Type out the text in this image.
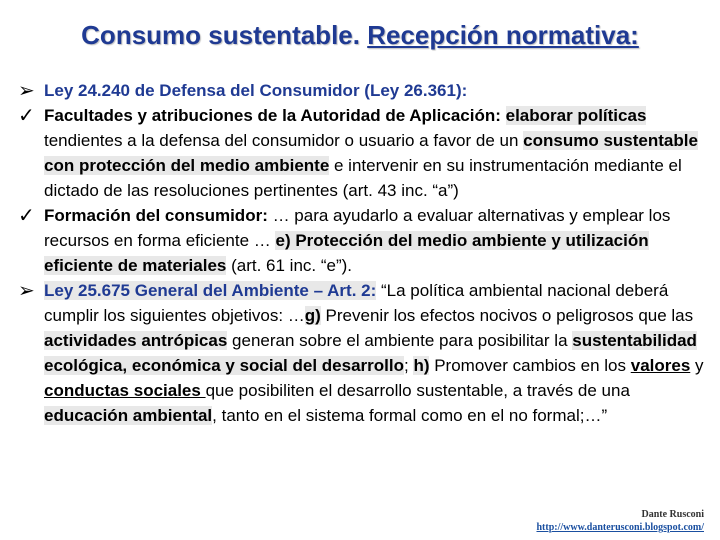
Consumo sustentable. Recepción normativa:
➢ Ley 24.240 de Defensa del Consumidor (Ley 26.361):
✓ Facultades y atribuciones de la Autoridad de Aplicación: elaborar políticas tendientes a la defensa del consumidor o usuario a favor de un consumo sustentable con protección del medio ambiente e intervenir en su instrumentación mediante el dictado de las resoluciones pertinentes (art. 43 inc. “a”)
✓ Formación del consumidor: … para ayudarlo a evaluar alternativas y emplear los recursos en forma eficiente … e) Protección del medio ambiente y utilización eficiente de materiales (art. 61 inc. “e”).
➢ Ley 25.675 General del Ambiente – Art. 2: “La política ambiental nacional deberá cumplir los siguientes objetivos: …g) Prevenir los efectos nocivos o peligrosos que las actividades antrópicas generan sobre el ambiente para posibilitar la sustentabilidad ecológica, económica y social del desarrollo; h) Promover cambios en los valores y conductas sociales que posibiliten el desarrollo sustentable, a través de una educación ambiental, tanto en el sistema formal como en el no formal;…”
Dante Rusconi
http://www.danterusconi.blogspot.com/
